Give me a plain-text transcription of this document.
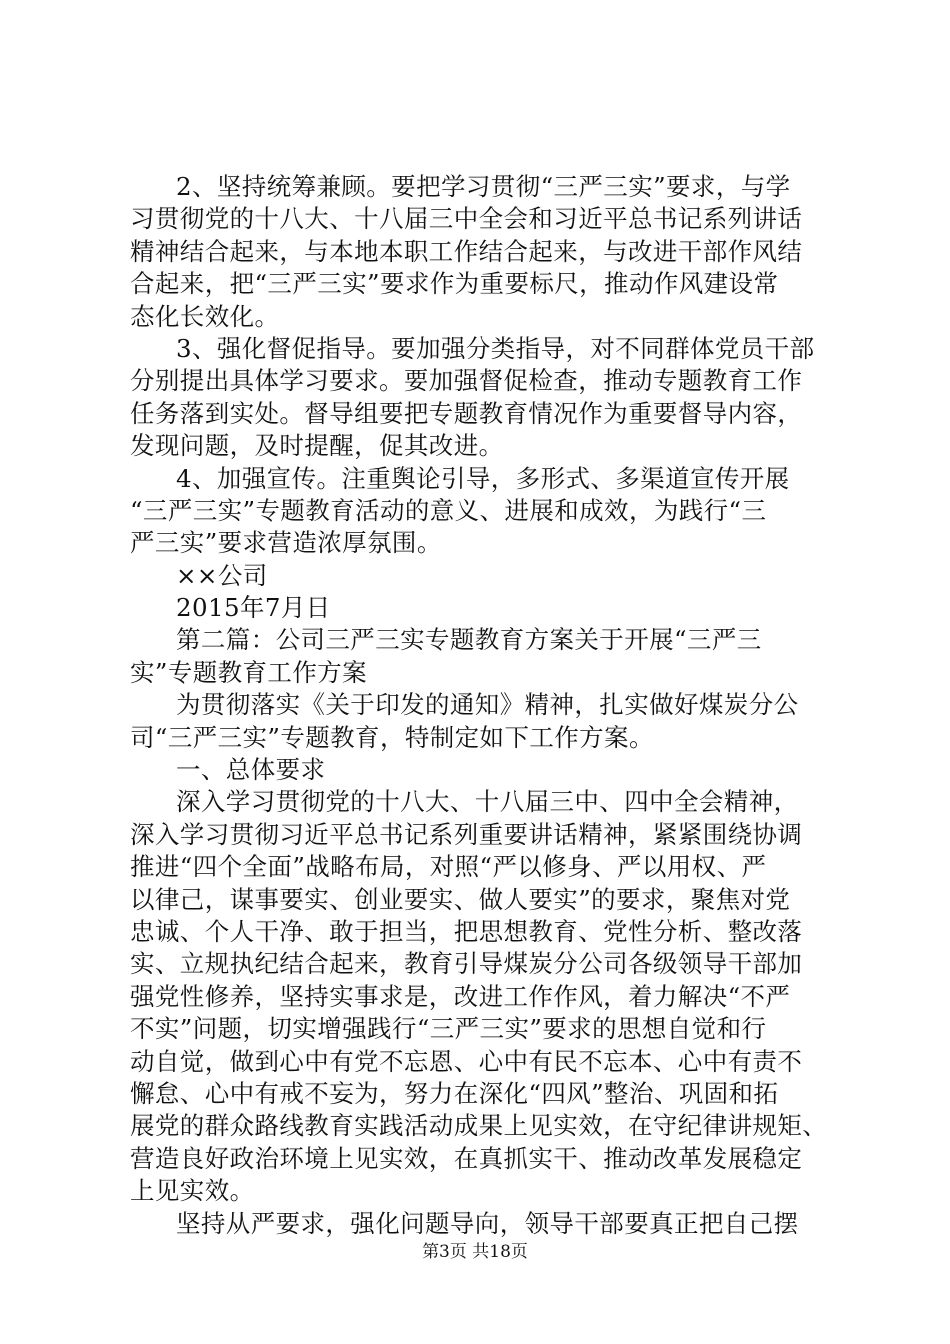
2、坚持统筹兼顾。要把学习贯彻“三严三实”要求，与学
习贯彻党的十八大、十八届三中全会和习近平总书记系列讲话
精神结合起来，与本地本职工作结合起来，与改进干部作风结
合起来，把“三严三实”要求作为重要标尺，推动作风建设常
态化长效化。
3、强化督促指导。要加强分类指导，对不同群体党员干部
分别提出具体学习要求。要加强督促检查，推动专题教育工作
任务落到实处。督导组要把专题教育情况作为重要督导内容，
发现问题，及时提醒，促其改进。
4、加强宣传。注重舆论引导，多形式、多渠道宣传开展
“三严三实”专题教育活动的意义、进展和成效，为践行“三
严三实”要求营造浓厚氛围。
××公司
2015年7月日
第二篇：公司三严三实专题教育方案关于开展“三严三
实”专题教育工作方案
为贯彻落实《关于印发的通知》精神，扎实做好煤炭分公
司“三严三实”专题教育，特制定如下工作方案。
一、总体要求
深入学习贯彻党的十八大、十八届三中、四中全会精神，
深入学习贯彻习近平总书记系列重要讲话精神，紧紧围绕协调
推进“四个全面”战略布局，对照“严以修身、严以用权、严
以律己，谋事要实、创业要实、做人要实”的要求，聚焦对党
忠诚、个人干净、敢于担当，把思想教育、党性分析、整改落
实、立规执纪结合起来，教育引导煤炭分公司各级领导干部加
强党性修养，坚持实事求是，改进工作作风，着力解决“不严
不实”问题，切实增强践行“三严三实”要求的思想自觉和行
动自觉，做到心中有党不忘恩、心中有民不忘本、心中有责不
懈怠、心中有戒不妄为，努力在深化“四风”整治、巩固和拓
展党的群众路线教育实践活动成果上见实效，在守纪律讲规矩、
营造良好政治环境上见实效，在真抓实干、推动改革发展稳定
上见实效。
坚持从严要求，强化问题导向，领导干部要真正把自己摆
第3页 共18页
